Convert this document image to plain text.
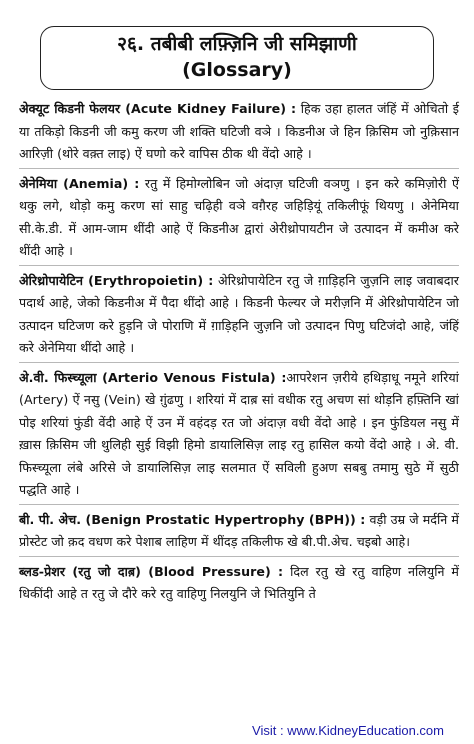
२६. तबीबी लफ़्ज़िनि जी समिझाणी
(Glossary)

अेक्यूट किडनी फेलयर (Acute Kidney Failure) : हिक उहा हालत जंहिं में ओचितो ई या तकिड़ो किडनी जी कमु करण जी शक्ति घटिजी वञे । किडनीअ जे हिन क़िसिम जो नुक़िसान आरिज़ी (थोरे वक़्त लाइ) ऐं घणो करे वापिस ठीक थी वेंदो आहे ।

अेनेमिया (Anemia) : रतु में हिमोग्लोबिन जो अंदाज़ घटिजी वञणु । इन करे कमिज़ोरी ऐं थकु लगे, थोड़ो कमु करण सां साहु चढ़िही वञे वग़ैरह जहिड़ियूं तकिलीफूं थियणु । अेनेमिया सी.के.डी. में आम-जाम थींदी आहे ऐं किडनीअ द्वारां अेरीथ्रोपायटीन जे उत्पादन में कमीअ करे थींदी आहे ।

अेरिथ्रोपायेटिन (Erythropoietin) : अेरिथ्रोपायेटिन रतु जे ग़ाड़िहनि जुज़नि लाइ जवाबदार पदार्थ आहे, जेको किडनीअ में पैदा थींदो आहे । किडनी फेल्यर जे मरीज़नि में अेरिथ्रोपायेटिन जो उत्पादन घटिजण करे हुड़नि जे पोराणि में ग़ाड़िहनि जुज़नि जो उत्पादन पिणु घटिजंदो आहे, जंहिं करे अेनेमिया थींदो आहे ।

अे.वी. फिस्च्यूला (Arterio Venous Fistula) :आपरेशन ज़रीये हथिड़ाधू नमूने शरियां (Artery) ऐं नसु (Vein) खे ग़ुंढणु । शरियां में दाब़ सां वधीक रतु अचण सां थोड़नि हफ़्तिनि खां पोइ शरियां फुंडी वेंदी आहे ऐं उन में वहंदड़ रत जो अंदाज़ वधी वेंदो आहे । इन फुंडियल नसु में ख़ास क़िसिम जी थुलिही सुई विझी हिमो डायालिसिज़ लाइ रतु हासिल कयो वेंदो आहे । अे. वी. फिस्च्यूला लंबे अरिसे जे डायालिसिज़ लाइ सलमात ऐं सविली हुअण सबबु तमामु सुठे में सुठी पद्धति आहे ।

बी. पी. अेच. (Benign Prostatic Hypertrophy (BPH)) : वड़ी उम्र जे मर्दनि में प्रोस्टेट जो क़द वधण करे पेशाब लाहिण में थींदड़ तकिलीफ खे बी.पी.अेच. चइबो आहे।

ब्लड-प्रेशर (रतु जो दाब़) (Blood Pressure) : दिल रतु खे रतु वाहिण नलियुनि में धिकींदी आहे त रतु जे दौरे करे रतु वाहिणु निलयुनि जे भितियुनि ते

Visit : www.KidneyEducation.com
